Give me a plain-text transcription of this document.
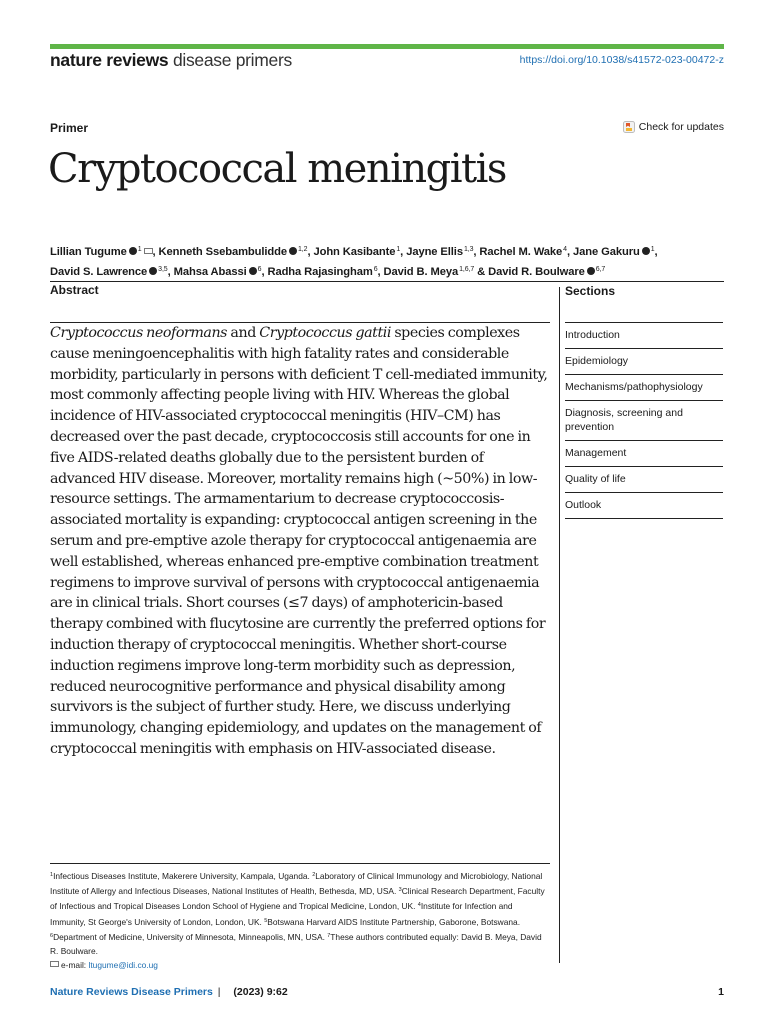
nature reviews disease primers	https://doi.org/10.1038/s41572-023-00472-z
Primer	Check for updates
Cryptococcal meningitis
Lillian Tugume $^1$ , Kenneth Ssebambulidde $^{1,2}$, John Kasibante$^1$, Jayne Ellis$^{1,3}$, Rachel M. Wake$^4$, Jane Gakuru $^1$,
David S. Lawrence $^{3,5}$, Mahsa Abassi $^6$, Radha Rajasingham$^6$, David B. Meya$^{1,6,7}$ & David R. Boulware $^{6,7}$
Abstract	Sections

Cryptococcus neoformans and Cryptococcus gattii species complexes cause meningoencephalitis with high fatality rates and considerable morbidity, particularly in persons with deficient T cell-mediated immunity, most commonly affecting people living with HIV. Whereas the global incidence of HIV-associated cryptococcal meningitis (HIV–CM) has decreased over the past decade, cryptococcosis still accounts for one in five AIDS-related deaths globally due to the persistent burden of advanced HIV disease. Moreover, mortality remains high (~50%) in low-resource settings. The armamentarium to decrease cryptococcosis-associated mortality is expanding: cryptococcal antigen screening in the serum and pre-emptive azole therapy for cryptococcal antigenaemia are well established, whereas enhanced pre-emptive combination treatment regimens to improve survival of persons with cryptococcal antigenaemia are in clinical trials. Short courses (≤7 days) of amphotericin-based therapy combined with flucytosine are currently the preferred options for induction therapy of cryptococcal meningitis. Whether short-course induction regimens improve long-term morbidity such as depression, reduced neurocognitive performance and physical disability among survivors is the subject of further study. Here, we discuss underlying immunology, changing epidemiology, and updates on the management of cryptococcal meningitis with emphasis on HIV-associated disease.

Introduction
Epidemiology
Mechanisms/pathophysiology
Diagnosis, screening and prevention
Management
Quality of life
Outlook

$^1$Infectious Diseases Institute, Makerere University, Kampala, Uganda. $^2$Laboratory of Clinical Immunology and Microbiology, National Institute of Allergy and Infectious Diseases, National Institutes of Health, Bethesda, MD, USA. $^3$Clinical Research Department, Faculty of Infectious and Tropical Diseases London School of Hygiene and Tropical Medicine, London, UK. $^4$Institute for Infection and Immunity, St George's University of London, London, UK. $^5$Botswana Harvard AIDS Institute Partnership, Gaborone, Botswana. $^6$Department of Medicine, University of Minnesota, Minneapolis, MN, USA. $^7$These authors contributed equally: David B. Meya, David R. Boulware.
e-mail: ltugume@idi.co.ug

Nature Reviews Disease Primers | (2023) 9:62	1
